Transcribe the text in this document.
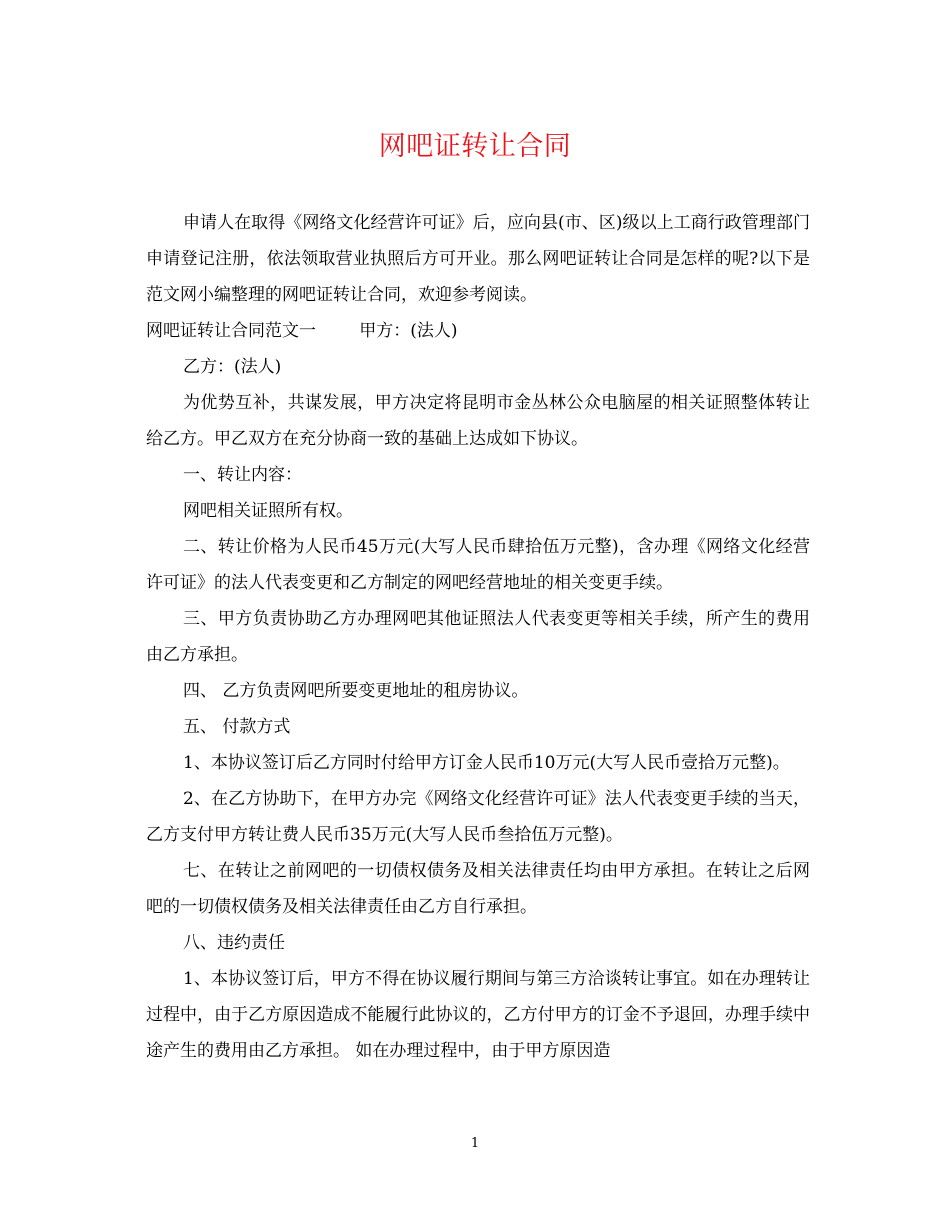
网吧证转让合同

申请人在取得《网络文化经营许可证》后，应向县(市、区)级以上工商行政管理部门申请登记注册，依法领取营业执照后方可开业。那么网吧证转让合同是怎样的呢?以下是范文网小编整理的网吧证转让合同，欢迎参考阅读。

网吧证转让合同范文一        甲方：(法人)

乙方：(法人)

为优势互补，共谋发展，甲方决定将昆明市金丛林公众电脑屋的相关证照整体转让给乙方。甲乙双方在充分协商一致的基础上达成如下协议。

一、转让内容：

网吧相关证照所有权。

二、转让价格为人民币45万元(大写人民币肆拾伍万元整)，含办理《网络文化经营许可证》的法人代表变更和乙方制定的网吧经营地址的相关变更手续。

三、甲方负责协助乙方办理网吧其他证照法人代表变更等相关手续，所产生的费用由乙方承担。

四、 乙方负责网吧所要变更地址的租房协议。

五、 付款方式

1、本协议签订后乙方同时付给甲方订金人民币10万元(大写人民币壹拾万元整)。

2、在乙方协助下，在甲方办完《网络文化经营许可证》法人代表变更手续的当天，乙方支付甲方转让费人民币35万元(大写人民币叁拾伍万元整)。

七、在转让之前网吧的一切债权债务及相关法律责任均由甲方承担。在转让之后网吧的一切债权债务及相关法律责任由乙方自行承担。

八、违约责任

1、本协议签订后，甲方不得在协议履行期间与第三方洽谈转让事宜。如在办理转让过程中，由于乙方原因造成不能履行此协议的，乙方付甲方的订金不予退回，办理手续中途产生的费用由乙方承担。 如在办理过程中，由于甲方原因造

1
